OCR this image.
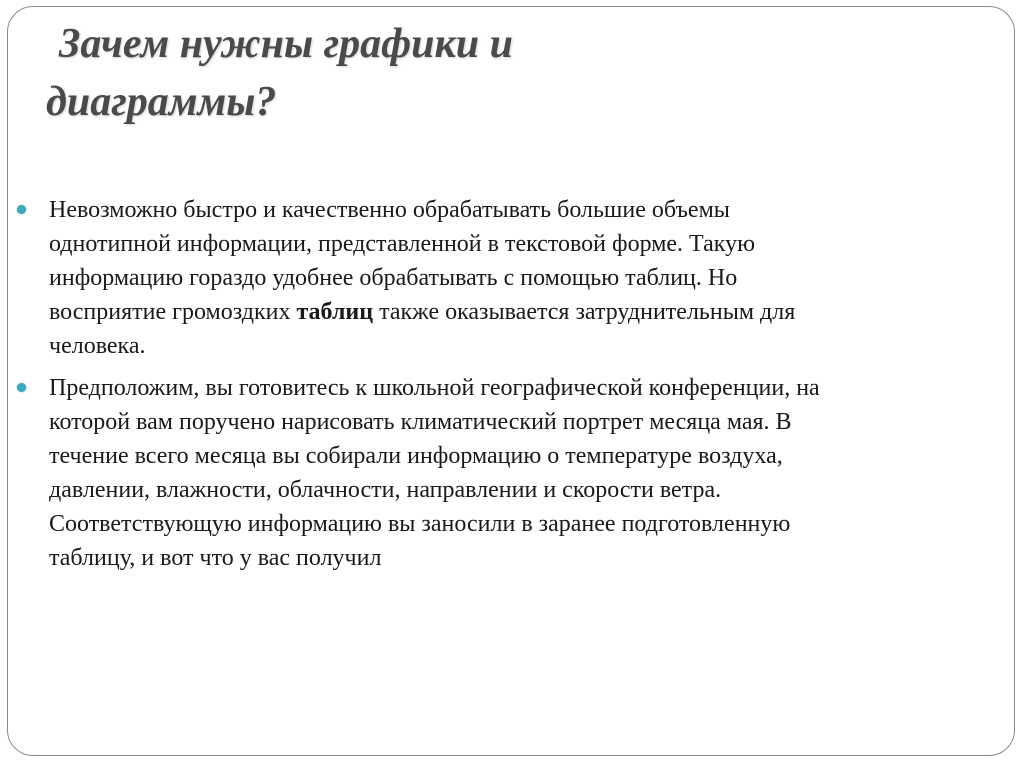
Зачем нужны графики и
диаграммы?
Невозможно быстро и качественно обрабатывать большие объемы однотипной информации, представленной в текстовой форме. Такую информацию гораздо удобнее обрабатывать с помощью таблиц. Но восприятие громоздких таблиц также оказывается затруднительным для человека.
Предположим, вы готовитесь к школьной географической конференции, на которой вам поручено нарисовать климатический портрет месяца мая. В течение всего месяца вы собирали информацию о температуре воздуха, давлении, влажности, облачности, направлении и скорости ветра. Соответствующую информацию вы заносили в заранее подготовленную таблицу, и вот что у вас получил
